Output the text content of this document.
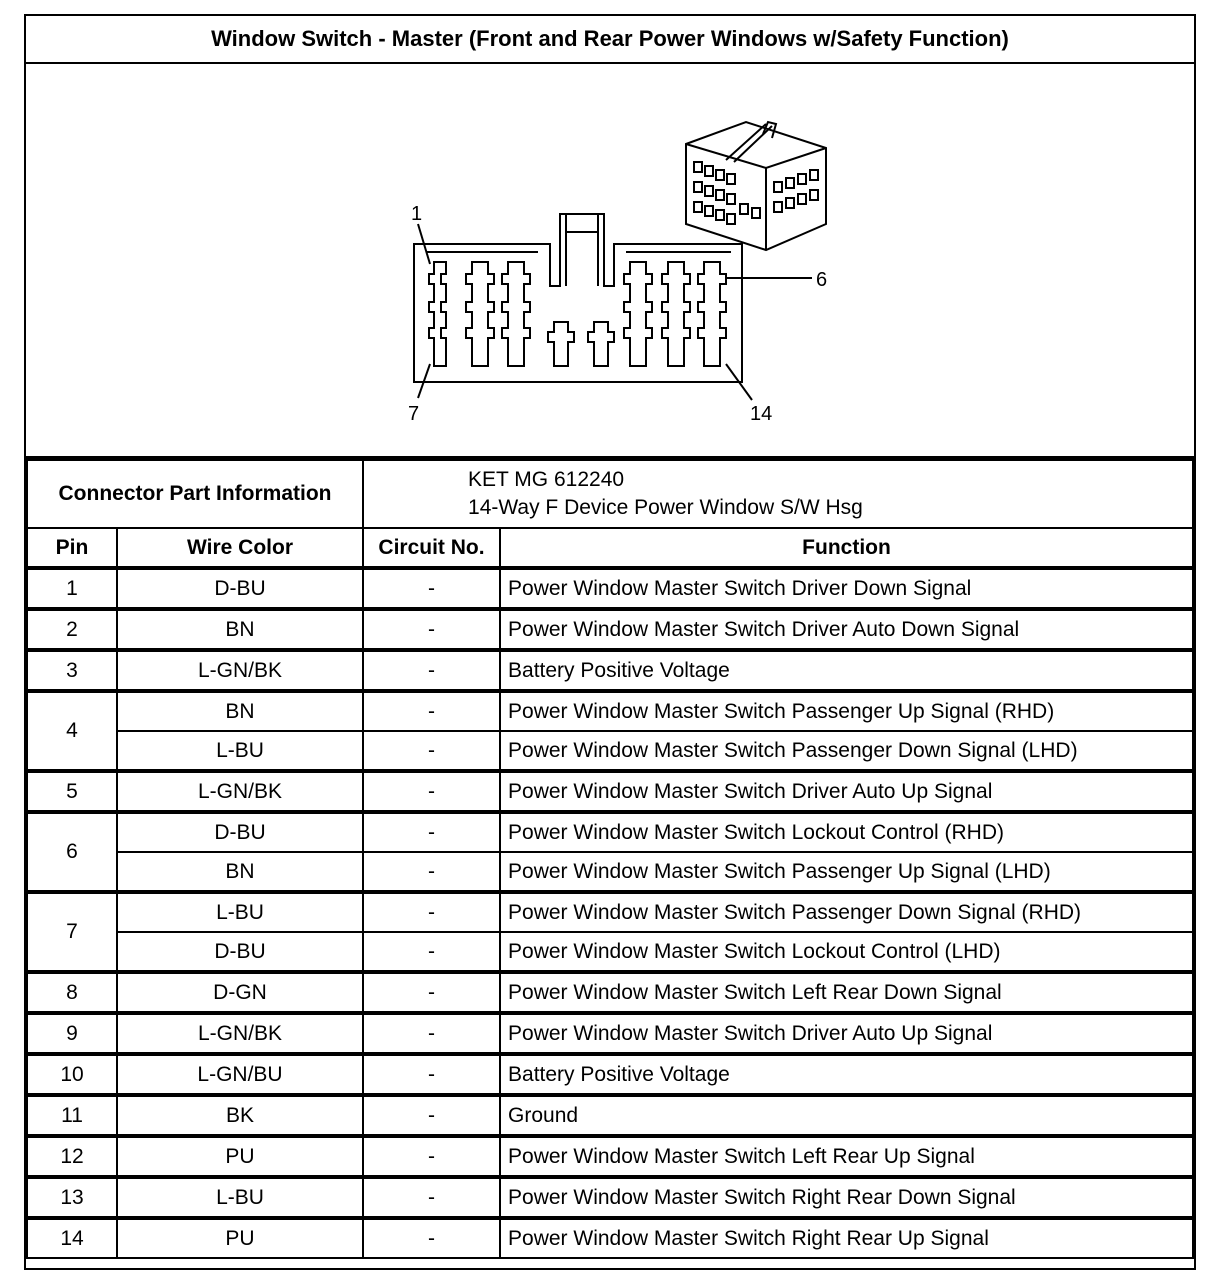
Window Switch - Master (Front and Rear Power Windows w/Safety Function)
1
6
7	14
Connector Part Information		KET MG 612240
14-Way F Device Power Window S/W Hsg	

Pin	Wire Color	Circuit No.	Function
1	D-BU	-	Power Window Master Switch Driver Down Signal
2	BN	-	Power Window Master Switch Driver Auto Down Signal
3	L-GN/BK	-	Battery Positive Voltage
4	BN	-	Power Window Master Switch Passenger Up Signal (RHD)
	L-BU	-	Power Window Master Switch Passenger Down Signal (LHD)
5	L-GN/BK	-	Power Window Master Switch Driver Auto Up Signal
6	D-BU	-	Power Window Master Switch Lockout Control (RHD)
	BN	-	Power Window Master Switch Passenger Up Signal (LHD)
7	L-BU	-	Power Window Master Switch Passenger Down Signal (RHD)
	D-BU	-	Power Window Master Switch Lockout Control (LHD)
8	D-GN	-	Power Window Master Switch Left Rear Down Signal
9	L-GN/BK	-	Power Window Master Switch Driver Auto Up Signal
10	L-GN/BU	-	Battery Positive Voltage
11	BK	-	Ground
12	PU	-	Power Window Master Switch Left Rear Up Signal
13	L-BU	-	Power Window Master Switch Right Rear Down Signal
14	PU	-	Power Window Master Switch Right Rear Up Signal
